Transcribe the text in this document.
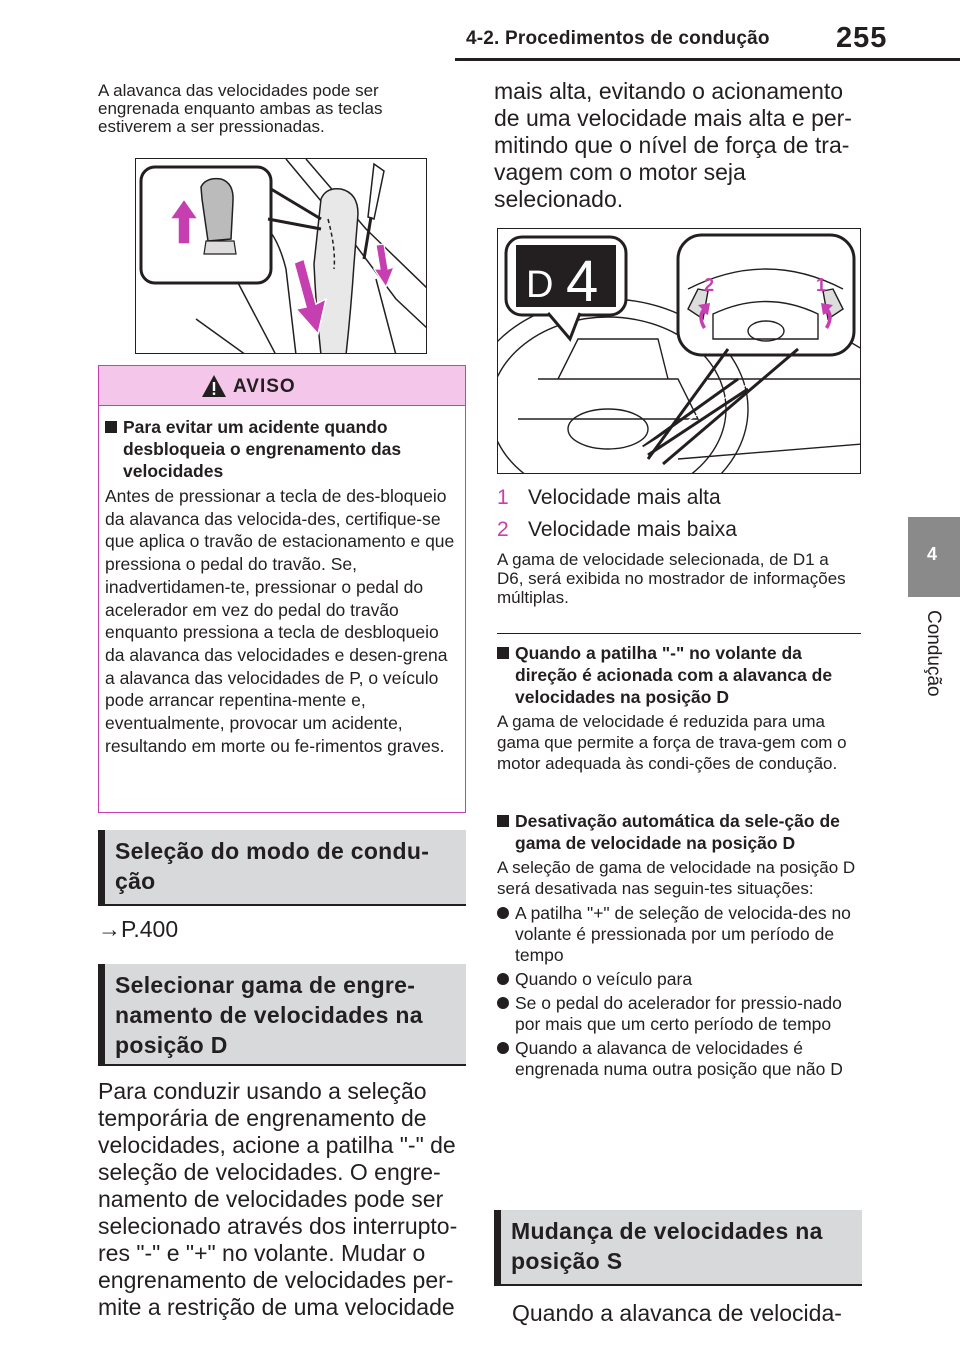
4-2. Procedimentos de condução 255
4
Condução
A alavanca das velocidades pode ser engrenada enquanto ambas as teclas estiverem a ser pressionadas.
AVISO
Para evitar um acidente quando desbloqueia o engrenamento das velocidades
Antes de pressionar a tecla de des-bloqueio da alavanca das velocida-des, certifique-se que aplica o travão de estacionamento e que pressiona o pedal do travão. Se, inadvertidamen-te, pressionar o pedal do acelerador em vez do pedal do travão enquanto pressiona a tecla de desbloqueio da alavanca das velocidades e desen-grena a alavanca das velocidades de P, o veículo pode arrancar repentina-mente e, eventualmente, provocar um acidente, resultando em morte ou fe-rimentos graves.
Seleção do modo de condu-ção
→P.400
Selecionar gama de engre-namento de velocidades na posição D
Para conduzir usando a seleção temporária de engrenamento de velocidades, acione a patilha "-" de seleção de velocidades. O engre-namento de velocidades pode ser selecionado através dos interrupto-res "-" e "+" no volante. Mudar o engrenamento de velocidades per-mite a restrição de uma velocidade
mais alta, evitando o acionamento de uma velocidade mais alta e per-mitindo que o nível de força de tra-vagem com o motor seja selecionado.
D 4	2	1
1 Velocidade mais alta
2 Velocidade mais baixa
A gama de velocidade selecionada, de D1 a D6, será exibida no mostrador de informações múltiplas.
Quando a patilha "-" no volante da direção é acionada com a alavanca de velocidades na posição D
A gama de velocidade é reduzida para uma gama que permite a força de trava-gem com o motor adequada às condi-ções de condução.
Desativação automática da sele-ção de gama de velocidade na posição D
A seleção de gama de velocidade na posição D será desativada nas seguin-tes situações:
A patilha "+" de seleção de velocida-des no volante é pressionada por um período de tempo
Quando o veículo para
Se o pedal do acelerador for pressio-nado por mais que um certo período de tempo
Quando a alavanca de velocidades é engrenada numa outra posição que não D
Mudança de velocidades na posição S
Quando a alavanca de velocida-
